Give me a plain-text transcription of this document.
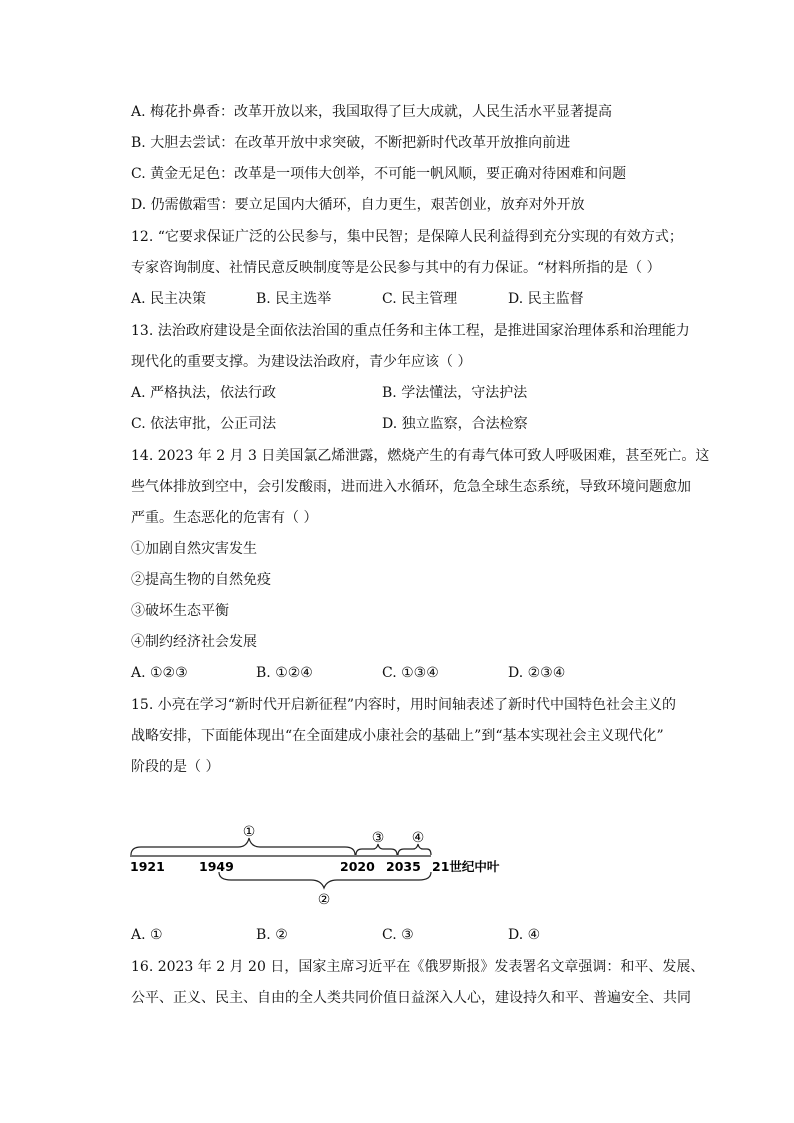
A. 梅花扑鼻香：改革开放以来，我国取得了巨大成就，人民生活水平显著提高
B. 大胆去尝试：在改革开放中求突破，不断把新时代改革开放推向前进
C. 黄金无足色：改革是一项伟大创举，不可能一帆风顺，要正确对待困难和问题
D. 仍需傲霜雪：要立足国内大循环，自力更生，艰苦创业，放弃对外开放
12. “它要求保证广泛的公民参与，集中民智；是保障人民利益得到充分实现的有效方式；
专家咨询制度、社情民意反映制度等是公民参与其中的有力保证。“材料所指的是（ ）
A. 民主决策	B. 民主选举	C. 民主管理	D. 民主监督
13. 法治政府建设是全面依法治国的重点任务和主体工程，是推进国家治理体系和治理能力
现代化的重要支撑。为建设法治政府，青少年应该（ ）
A. 严格执法，依法行政	B. 学法懂法，守法护法
C. 依法审批，公正司法	D. 独立监察，合法检察
14. 2023 年 2 月 3 日美国氯乙烯泄露，燃烧产生的有毒气体可致人呼吸困难，甚至死亡。这
些气体排放到空中，会引发酸雨，进而进入水循环，危急全球生态系统，导致环境问题愈加
严重。生态恶化的危害有（ ）
①加剧自然灾害发生
②提高生物的自然免疫
③破坏生态平衡
④制约经济社会发展
A. ①②③	B. ①②④	C. ①③④	D. ②③④
15. 小亮在学习“新时代开启新征程”内容时，用时间轴表述了新时代中国特色社会主义的
战略安排，下面能体现出“在全面建成小康社会的基础上”到“基本实现社会主义现代化”
阶段的是（ ）
①
②
③ ④
1921	1949	2020 2035 21世纪中叶
A. ①	B. ②	C. ③	D. ④
16. 2023 年 2 月 20 日，国家主席习近平在《俄罗斯报》发表署名文章强调：和平、发展、
公平、正义、民主、自由的全人类共同价值日益深入人心，建设持久和平、普遍安全、共同
